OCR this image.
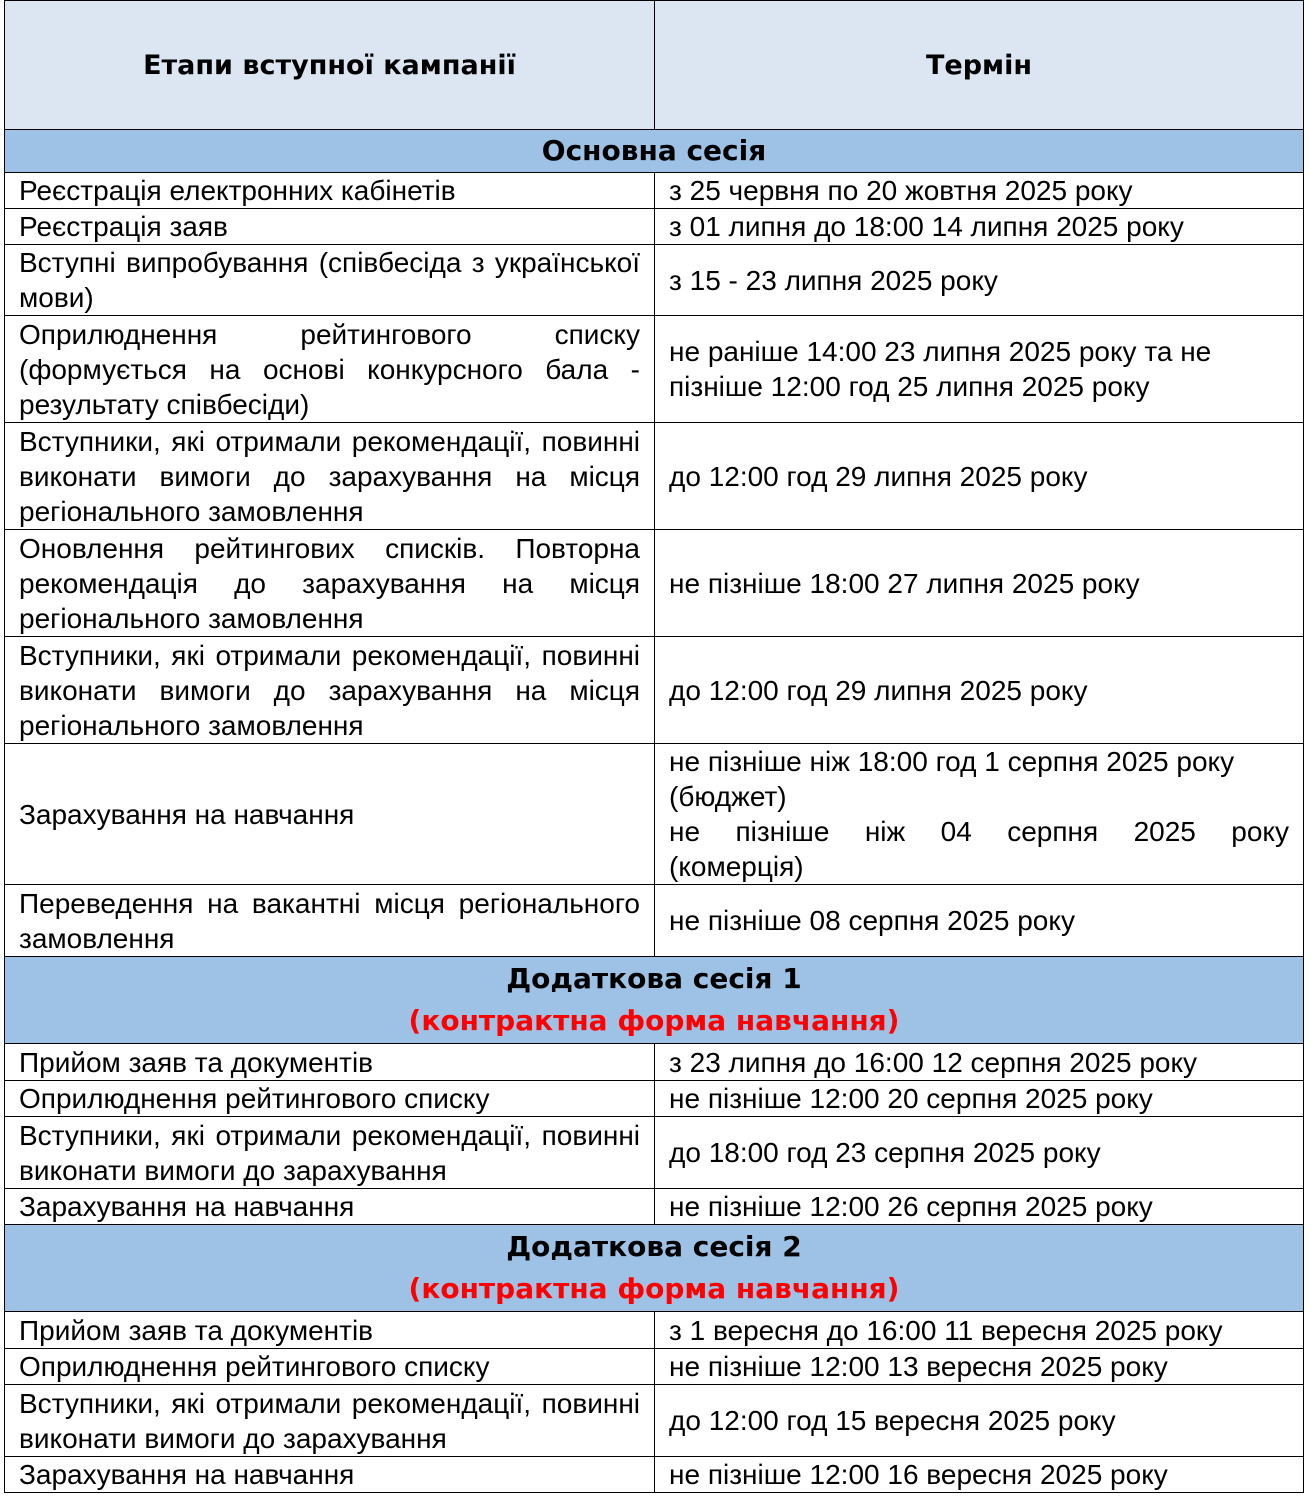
Етапи вступної кампанії	Термін
Основна сесія	
Реєстрація електронних кабінетів	з 25 червня по 20 жовтня 2025 року
Реєстрація заяв	з 01 липня до 18:00 14 липня 2025 року
Вступні випробування (співбесіда з української мови)	з 15 - 23 липня 2025 року
Оприлюднення рейтингового списку (формується на основі конкурсного бала - результату співбесіди)	не раніше 14:00 23 липня 2025 року та не пізніше 12:00 год 25 липня 2025 року
Вступники, які отримали рекомендації, повинні виконати вимоги до зарахування на місця регіонального замовлення	до 12:00 год 29 липня 2025 року
Оновлення рейтингових списків. Повторна рекомендація до зарахування на місця регіонального замовлення	не пізніше 18:00 27 липня 2025 року
Вступники, які отримали рекомендації, повинні виконати вимоги до зарахування на місця регіонального замовлення	до 12:00 год 29 липня 2025 року
Зарахування на навчання	не пізніше ніж 18:00 год 1 серпня 2025 року
(бюджет)
не пізніше ніж 04 серпня 2025 року
(комерція)

Переведення на вакантні місця регіонального замовлення	не пізніше 08 серпня 2025 року

Додаткова сесія 1
(контрактна форма навчання)	

Прийом заяв та документів	з 23 липня до 16:00 12 серпня 2025 року
Оприлюднення рейтингового списку	не пізніше 12:00 20 серпня 2025 року
Вступники, які отримали рекомендації, повинні виконати вимоги до зарахування	до 18:00 год 23 серпня 2025 року
Зарахування на навчання	не пізніше 12:00 26 серпня 2025 року

Додаткова сесія 2
(контрактна форма навчання)	

Прийом заяв та документів	з 1 вересня до 16:00 11 вересня 2025 року
Оприлюднення рейтингового списку	не пізніше 12:00 13 вересня 2025 року
Вступники, які отримали рекомендації, повинні виконати вимоги до зарахування	до 12:00 год 15 вересня 2025 року
Зарахування на навчання	не пізніше 12:00 16 вересня 2025 року
